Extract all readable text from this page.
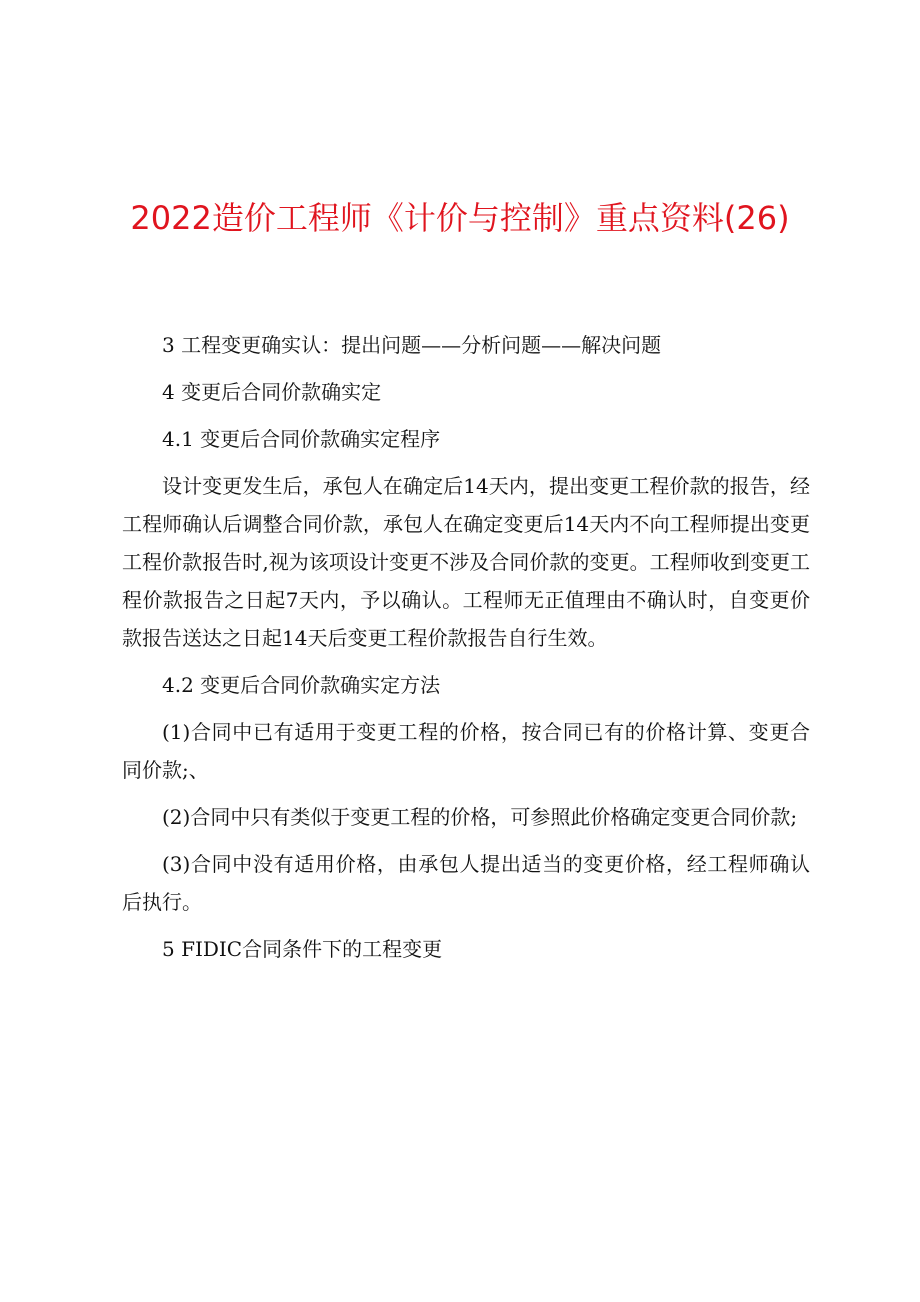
2022造价工程师《计价与控制》重点资料(26)

3 工程变更确实认：提出问题——分析问题——解决问题

4 变更后合同价款确实定

4.1 变更后合同价款确实定程序

设计变更发生后，承包人在确定后14天内，提出变更工程价款的报告，经工程师确认后调整合同价款，承包人在确定变更后14天内不向工程师提出变更工程价款报告时,视为该项设计变更不涉及合同价款的变更。工程师收到变更工程价款报告之日起7天内，予以确认。工程师无正值理由不确认时，自变更价款报告送达之日起14天后变更工程价款报告自行生效。

4.2 变更后合同价款确实定方法

(1)合同中已有适用于变更工程的价格，按合同已有的价格计算、变更合同价款;、

(2)合同中只有类似于变更工程的价格，可参照此价格确定变更合同价款;

(3)合同中没有适用价格，由承包人提出适当的变更价格，经工程师确认后执行。

5 FIDIC合同条件下的工程变更
